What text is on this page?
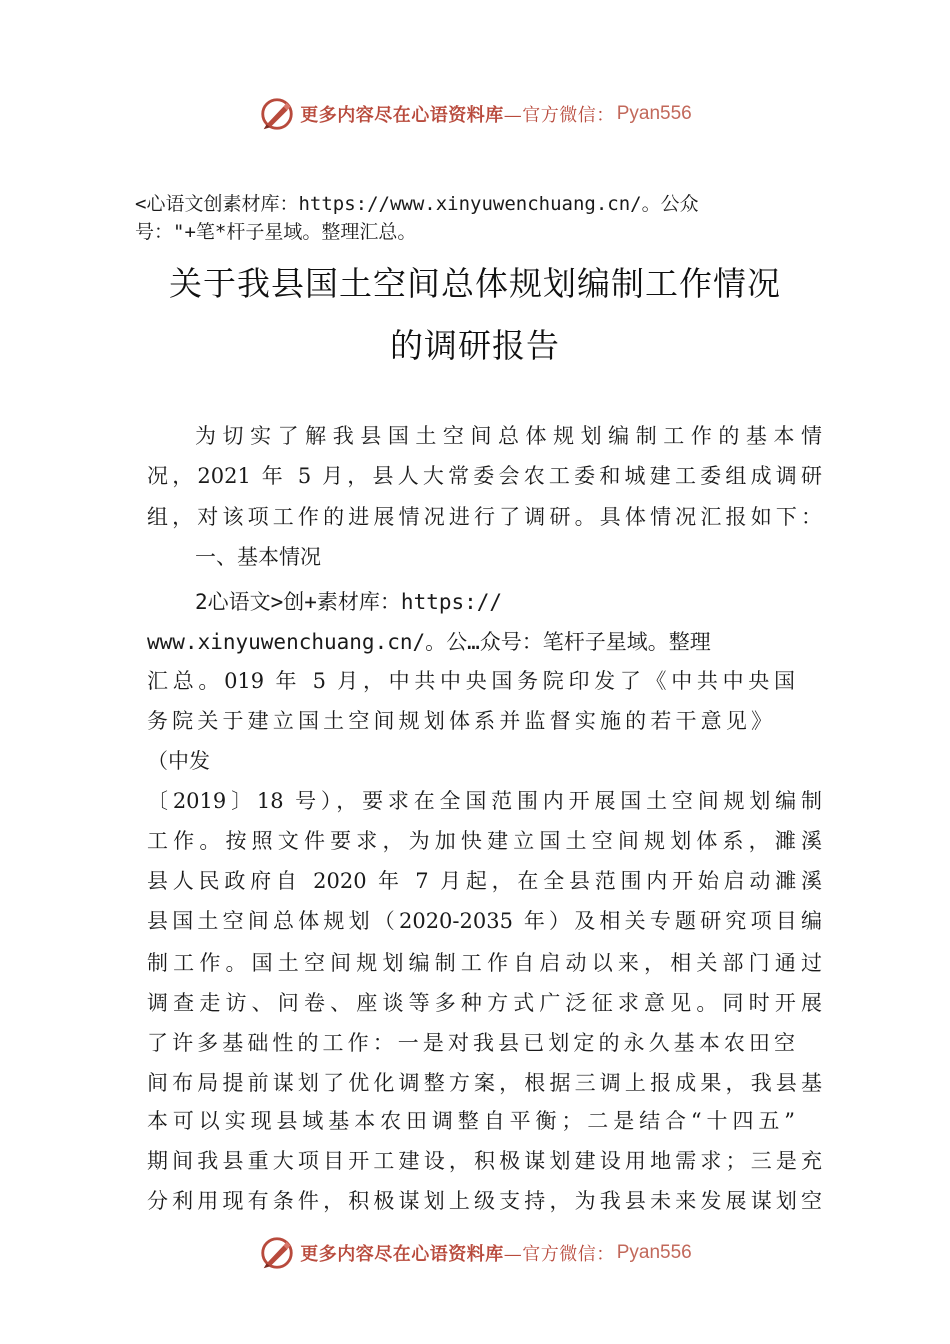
更多内容尽在心语资料库 —官方微信： Pyan556
<心语文创素材库：https://www.xinyuwenchuang.cn/。公众
号："+笔*杆子星域。整理汇总。
关于我县国土空间总体规划编制工作情况
的调研报告
为切实了解我县国土空间总体规划编制工作的基本情
况，2021 年 5 月，县人大常委会农工委和城建工委组成调研
组，对该项工作的进展情况进行了调研。具体情况汇报如下：
一、基本情况
2心语文>创+素材库：https://
www.xinyuwenchuang.cn/。公…众号：笔杆子星域。整理
汇总。019 年 5 月，中共中央国务院印发了《中共中央国
务院关于建立国土空间规划体系并监督实施的若干意见》
（中发
〔2019〕18 号），要求在全国范围内开展国土空间规划编制
工作。按照文件要求，为加快建立国土空间规划体系，濉溪
县人民政府自 2020 年 7 月起，在全县范围内开始启动濉溪
县国土空间总体规划（2020-2035 年）及相关专题研究项目编
制工作。国土空间规划编制工作自启动以来，相关部门通过
调查走访、问卷、座谈等多种方式广泛征求意见。同时开展
了许多基础性的工作：一是对我县已划定的永久基本农田空
间布局提前谋划了优化调整方案，根据三调上报成果，我县基
本可以实现县域基本农田调整自平衡；二是结合“十四五”
期间我县重大项目开工建设，积极谋划建设用地需求；三是充
分利用现有条件，积极谋划上级支持，为我县未来发展谋划空
更多内容尽在心语资料库 —官方微信： Pyan556
